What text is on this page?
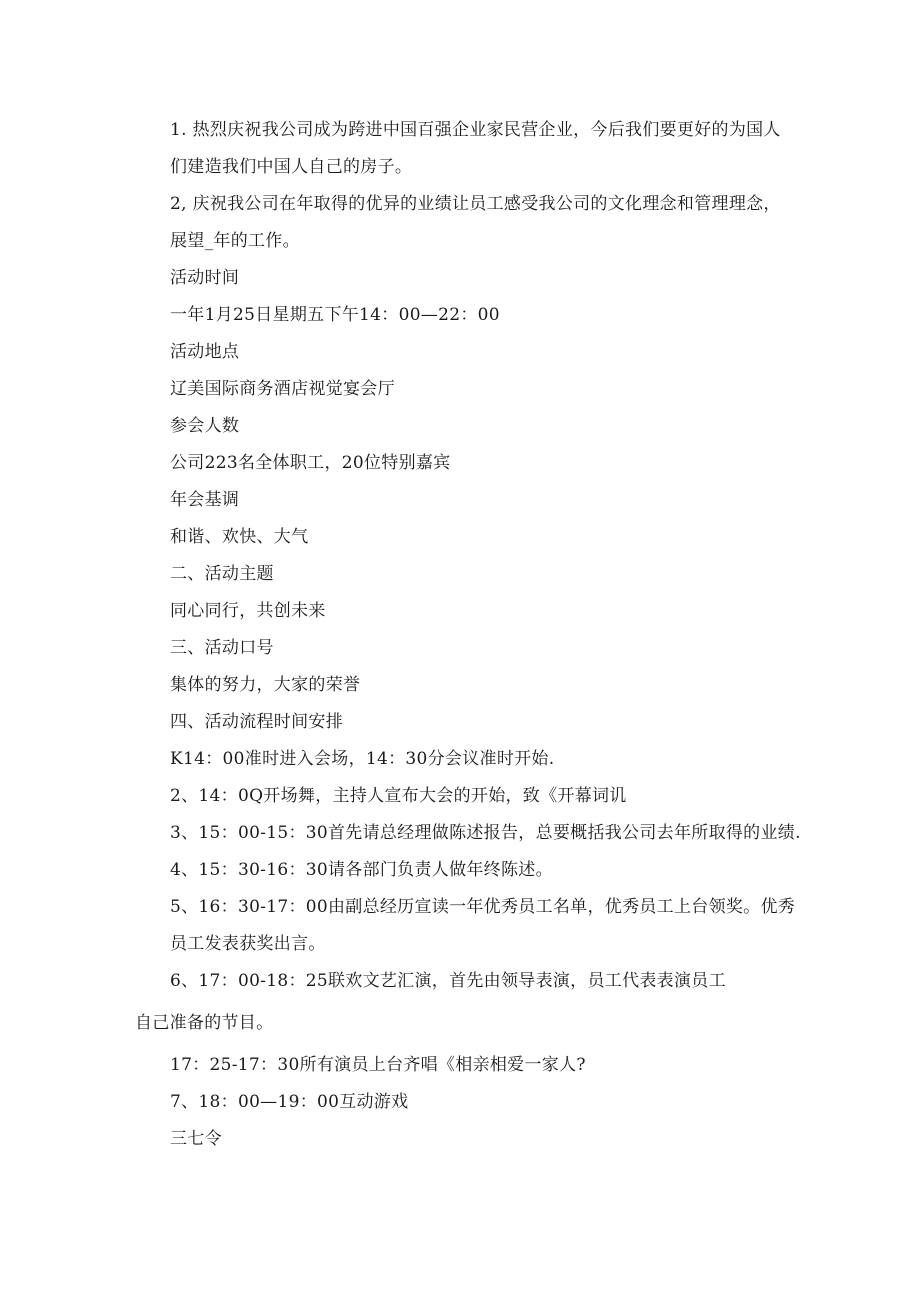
1. 热烈庆祝我公司成为跨进中国百强企业家民营企业，今后我们要更好的为国人
们建造我们中国人自己的房子。
2, 庆祝我公司在年取得的优异的业绩让员工感受我公司的文化理念和管理理念，
展望_年的工作。
活动时间
一年1月25日星期五下午14：00—22：00
活动地点
辽美国际商务酒店视觉宴会厅
参会人数
公司223名全体职工，20位特别嘉宾
年会基调
和谐、欢快、大气
二、活动主题
同心同行，共创未来
三、活动口号
集体的努力，大家的荣誉
四、活动流程时间安排
K14：00准时进入会场，14：30分会议准时开始.
2、14：0Q开场舞，主持人宣布大会的开始，致《开幕词讥
3、15：00-15：30首先请总经理做陈述报告，总要概括我公司去年所取得的业绩.
4、15：30-16：30请各部门负责人做年终陈述。
5、16：30-17：00由副总经历宣读一年优秀员工名单，优秀员工上台领奖。优秀
员工发表获奖出言。
6、17：00-18：25联欢文艺汇演，首先由领导表演，员工代表表演员工
自己准备的节目。
17：25-17：30所有演员上台齐唱《相亲相爱一家人?
7、18：00—19：00互动游戏
三七令
